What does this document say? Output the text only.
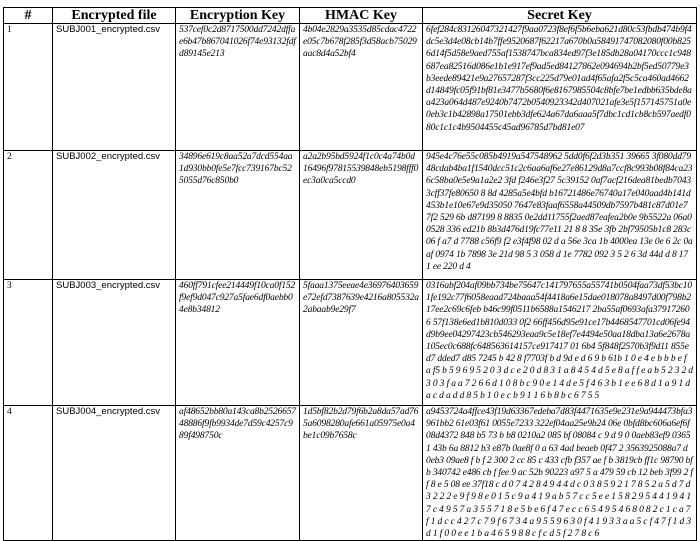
#	Encrypted file	Encryption Key	HMAC Key	Secret Key
1	SUBJ001_encrypted.csv	537cef0c2d8717500dd7242dffae6b47b867041026f74e93132fdfd89145e213	4b04e2829a3535d85cdac4722e05c7b678f285f3d58acb75029aac8d4a52bf4	6fef284c83126047321427f9aa0723f8ef6f5b6eba621d80c53fbdb474b9f4dc5e3d4e08cb14b7ffe9520687f62217a670b0a58491747082080f00b8256d14f5d58e9aed755af1538747bca834ed97f3e185db28a04170ccc1c948687ea82516d086e1b1e917ef9ad5ed84127862e094694b2bf5ed50779e3b3eede89421e9a27657287f3cc225d79e01ad4f65afa2f5c5ca460ad4662d14849fc05f91bf81e3477b5680f6e8167985504c8bfe7be1edbb635bde8aa423a064d487e9240b7472b0540923342d407021afe3e5f157145751a0e0eb3c1b42898a17501ebb3dfe624a67da6aaa5f7dbc1cd1cb8cb597aedf080c1c1c4b9504455c45ad96785d7bd81e07
2	SUBJ002_encrypted.csv	34896e619c8aa52a7dcd554aa1d930bb0fe5e7fcc739167bc525055d76c850b0	a2a2b95bd5924f1c0c4a74b0d16496f97815539848eb5198fff0ec3a0ca5ccd0	945e4c76e55c085b4919a547548962 5dd0f6f2d3b351 39665 3f080dd7948cdab4ba1f1540dcc51c2c6aa6af6e27e86129d8a7ccf8c993b08f84ca236c58ba0e5e9a1a2e2 3fd f246e3f27 5c39152 0af7acf216dea81bedb70433cff37fe80650 8 8d 4285a5e4bfd b16721486e76740a17e040aad4b141d453b1e10e67e9d35050 7647e83faaf6558a44509db7597b481c87d01e7 7f2 529 6b d87199 8 8835 0e2dd11755f2aed87eafea2b0e 9b5522a 06a00528 336 ed21b 8b3d476d19fc77e11 21 8 8 35e 3fb 2bf79505b1c8 283c 06 f a7 d 7788 c56f9 f2 e3f4f98 02 d a 56e 3ca 1b 4000ea 13e 0e 6 2c 0aaf 0974 1b 7898 3e 21d 98 5 3 058 d 1e 7782 092 3 5 2 6 3d 44d d 8 17 1 ee 220 d 4
3	SUBJ003_encrypted.csv	460ff791cfee214449f10ca0f152f9ef9d047c927a5fae6df0aebb04e8b34812	5faaa1375eeae4e36976403659e72efd7387639e4216a805532a2abaab9e29f7	0316abf204af09bb734be75647c141797655a55741b0504faa73df53bc101fe192c77f6058eaad724baaa54f4418a6e15dae018078a8497d00f798b217ee2c69c6feb b46c99f0511b6588a1546217 2ba55af0693afa379172606 57f138e6ed1b810d033 0f2 66ff456d95e91ce17b4468547701cd06fe94d9b9ee04297423cb546293eaa9c5e18ef7e4494e50aa18dba13a6e2678a105ec0c688fc648563614157ce917417 01 6b4 5f848f2570b3f9d11 855ed7 dded7 d85 7245 b 42 8 f7703f b d 9d e d 6 9 b 61b 1 0 e 4 e b b b e f a f5 b 5 9 6 9 5 2 0 3 d c e 2 0 d 8 3 1 a 8 4 5 4 d 5 e 8 a f f e a b 5 2 3 2 d 3 0 3 f a a 7 2 6 6 d 1 0 8 b c 9 0 e 1 4 d e 5 f 4 6 3 b 1 e e 6 8 d 1 a 9 1 d a c d a d d 8 5 b 1 0 e c b 9 1 1 6 b 8 b c 6 7 5 5
4	SUBJ004_encrypted.csv	af48652bb80a143ca8b252665748886f9fb9934de7d59c4257c989f498750c	1d5bf82b2d79f6b2a8da57ad765a6098280afe661a05975e0a4be1c09b7658c	a9453724a4ffce43f19d63367edeba7d83f4471635e9e231e9a944473bfa3961bb2 61e03f61 0055e7233 322ef04aa25e9b24 06e 0bfd8bc606a6ef6f 08d4372 848 b5 73 b b8 0210a2 085 bf 08084 c 9 d 9 0 0aeb83ef9 0365 1 43b 6a 8812 b3 e87b 0ae8f 0 a 63 4ad beaeb 0f47 2 3563925088a7 d 0eb3 09ae8 f b f 2 300 2 cc 85 c 433 cfb f357 ae f b 3819cb ff1c 98790 bfb 340742 e486 cb f fee 9 ac 52b 90223 a97 5 a 479 59 cb 12 beb 3f99 2 ff 8 e 5 08 ee 37f18 c d 0 7 4 2 8 4 9 4 4 d c 0 3 8 5 9 2 1 7 8 5 2 a 5 d 7 d 3 2 2 2 e 9 f 9 8 e 0 1 5 c 9 a 4 1 9 a b 5 7 c c 5 e e 1 5 8 2 9 5 4 4 1 9 4 1 7 c 4 9 5 7 a 3 5 5 7 1 8 e 5 b e 6 f 4 7 e c c 6 5 4 9 5 4 6 8 0 8 2 c 1 c a 7 f 1 d c c 4 2 7 c 7 9 f 6 7 3 4 a 9 5 5 9 6 3 0 f 4 1 9 3 3 a a 5 c f 4 7 f 1 d 3 d 1 f 0 0 e e 1 b a 4 6 5 9 8 8 c f c d 5 f 2 7 8 c 6
